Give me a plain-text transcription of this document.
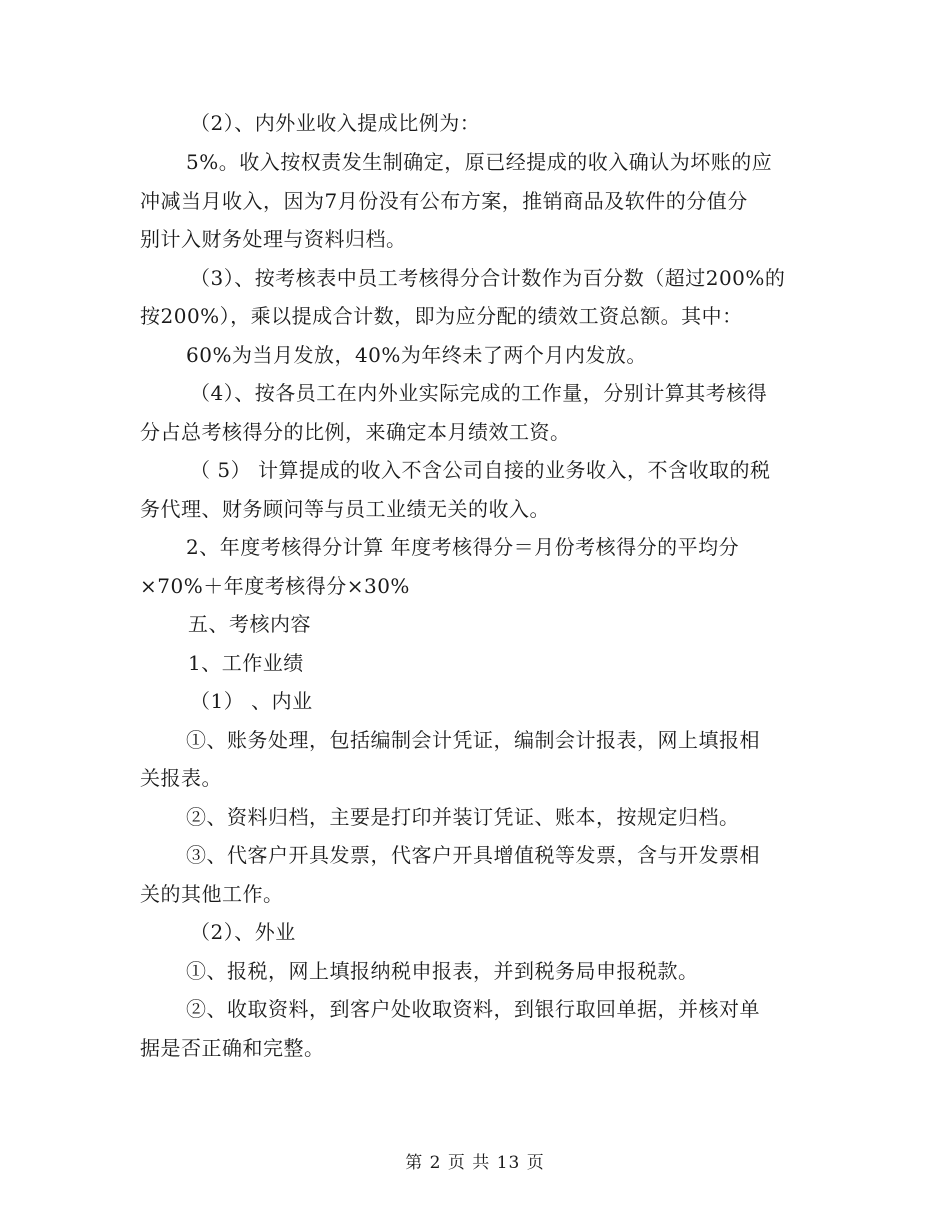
（2）、内外业收入提成比例为：
5%。收入按权责发生制确定，原已经提成的收入确认为坏账的应
冲减当月收入，因为7月份没有公布方案，推销商品及软件的分值分
别计入财务处理与资料归档。
（3）、按考核表中员工考核得分合计数作为百分数（超过200%的
按200%），乘以提成合计数，即为应分配的绩效工资总额。其中：
60%为当月发放，40%为年终未了两个月内发放。
（4）、按各员工在内外业实际完成的工作量，分别计算其考核得
分占总考核得分的比例，来确定本月绩效工资。
（ 5） 计算提成的收入不含公司自接的业务收入，不含收取的税
务代理、财务顾问等与员工业绩无关的收入。
2、年度考核得分计算 年度考核得分＝月份考核得分的平均分
×70%＋年度考核得分×30%
五、考核内容
1、工作业绩
（1） 、内业
①、账务处理，包括编制会计凭证，编制会计报表，网上填报相
关报表。
②、资料归档，主要是打印并装订凭证、账本，按规定归档。
③、代客户开具发票，代客户开具增值税等发票，含与开发票相
关的其他工作。
（2）、外业
①、报税，网上填报纳税申报表，并到税务局申报税款。
②、收取资料，到客户处收取资料，到银行取回单据，并核对单
据是否正确和完整。
第 2 页 共 13 页
